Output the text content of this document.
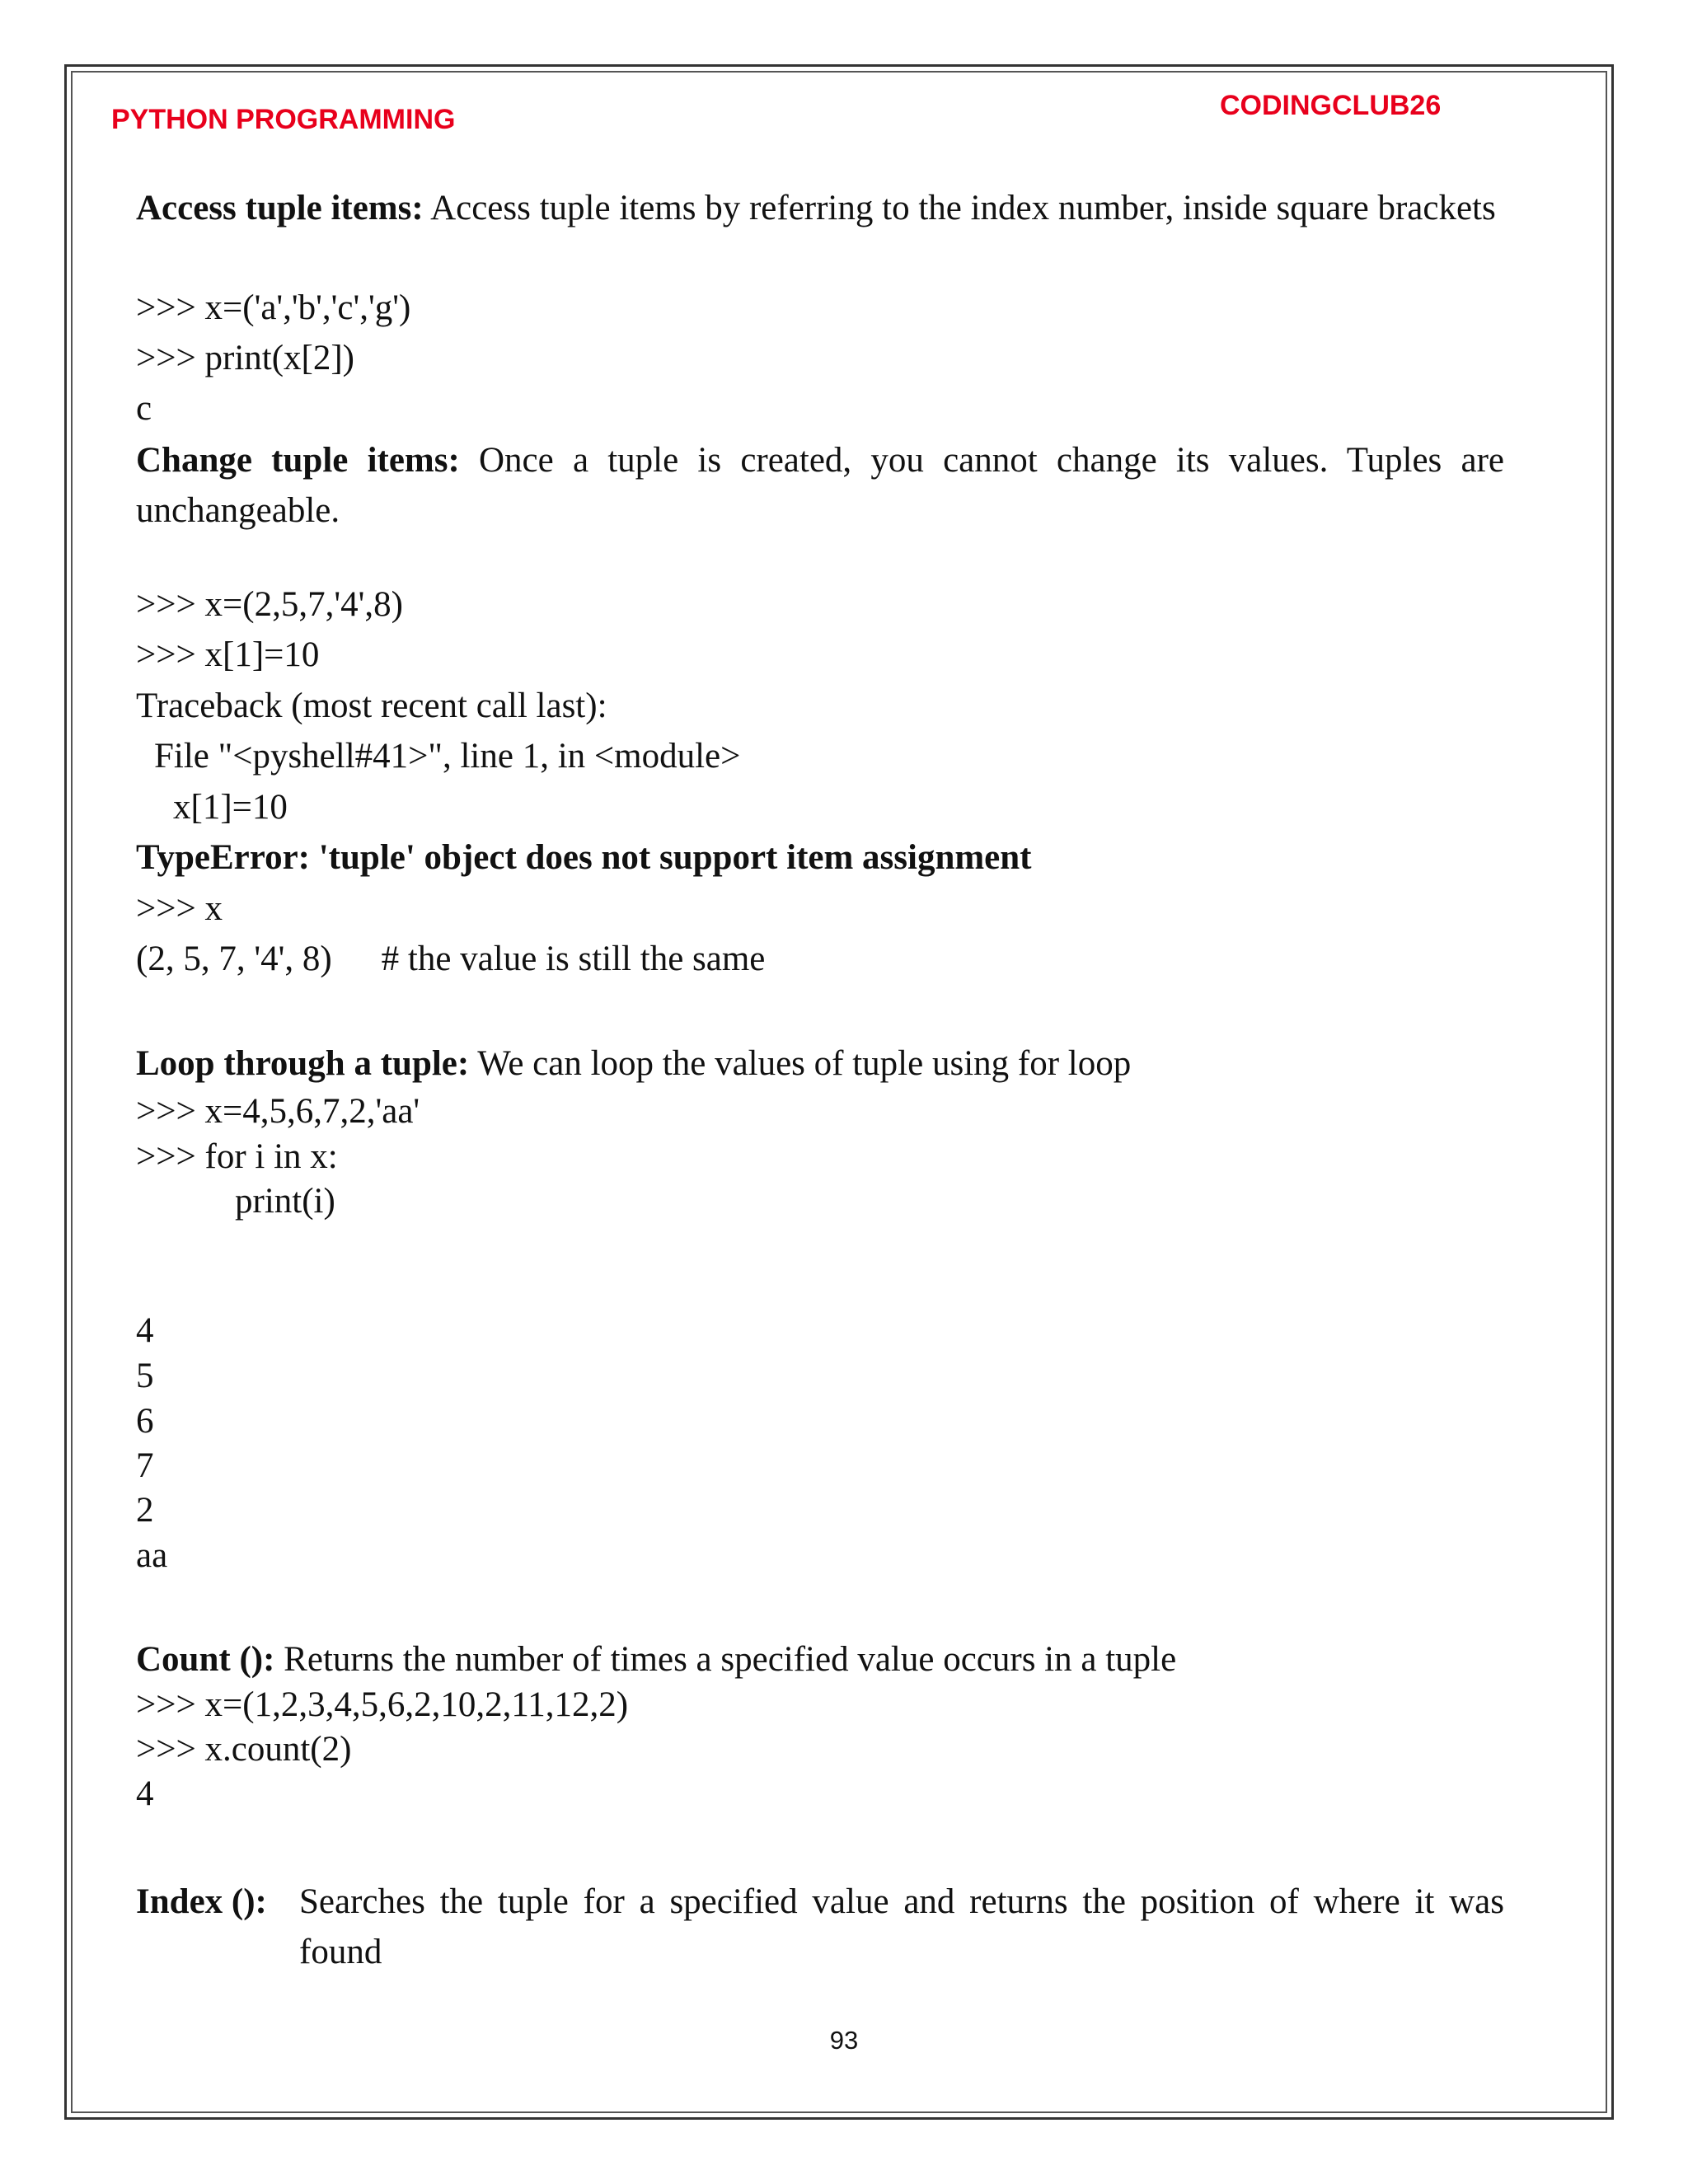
PYTHON PROGRAMMING	CODINGCLUB26
Access tuple items: Access tuple items by referring to the index number, inside square brackets
>>> x=('a','b','c','g')
>>> print(x[2])
c
Change tuple items: Once a tuple is created, you cannot change its values. Tuples are unchangeable.
>>> x=(2,5,7,'4',8)
>>> x[1]=10
Traceback (most recent call last):
File "<pyshell#41>", line 1, in <module>
x[1]=10
TypeError: 'tuple' object does not support item assignment
>>> x
(2, 5, 7, '4', 8) # the value is still the same
Loop through a tuple: We can loop the values of tuple using for loop
>>> x=4,5,6,7,2,'aa'
>>> for i in x:
print(i)
4
5
6
7
2
aa
Count (): Returns the number of times a specified value occurs in a tuple
>>> x=(1,2,3,4,5,6,2,10,2,11,12,2)
>>> x.count(2)
4
Index (): Searches the tuple for a specified value and returns the position of where it was found
93
